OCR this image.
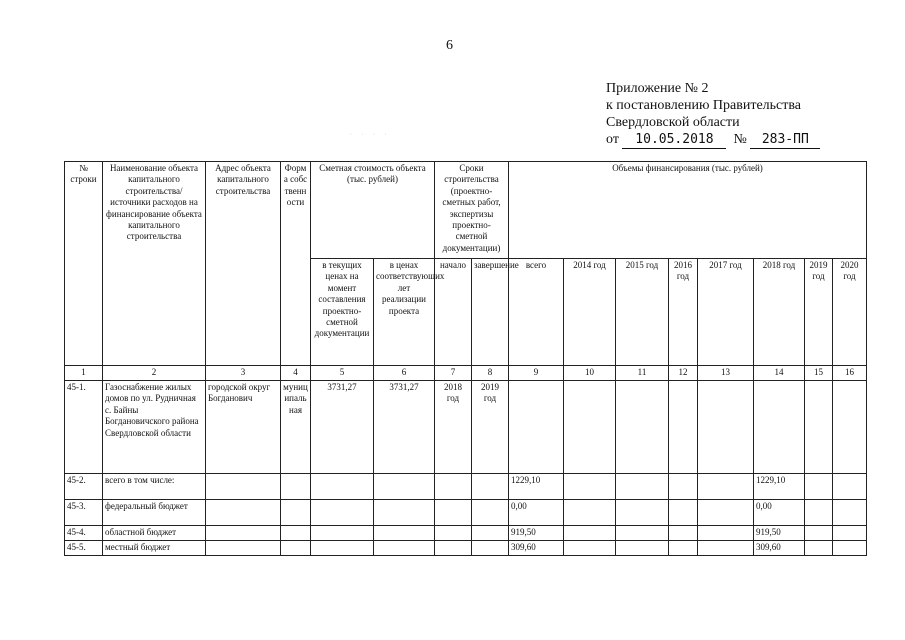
6
Приложение № 2
к постановлению Правительства
Свердловской области
от 10.05.2018 № 283-ПП
· · · ·
№ строки	Наименование объекта капитального строительства/ источники расходов на финансирование объекта капитального строительства	Адрес объекта капитального строительства	Форма собственности	Сметная стоимость объекта (тыс. рублей)		Сроки строительства (проектно-сметных работ, экспертизы проектно-сметной документации)		Объемы финансирования (тыс. рублей)							
				в текущих ценах на момент составления проектно-сметной документации	в ценах соответствующих лет реализации проекта	начало	завершение	всего	2014 год	2015 год	2016 год	2017 год	2018 год	2019 год	2020 год
1	2	3	4	5	6	7	8	9	10	11	12	13	14	15	16
45-1.	Газоснабжение жилых домов по ул. Рудничная с. Байны Богдановичского района Свердловской области	городской округ Богданович	муниципальная	3731,27	3731,27	2018 год	2019 год								
45-2.	всего в том числе:							1229,10					1229,10		
45-3.	федеральный бюджет							0,00					0,00		
45-4.	областной бюджет							919,50					919,50		
45-5.	местный бюджет							309,60					309,60		
